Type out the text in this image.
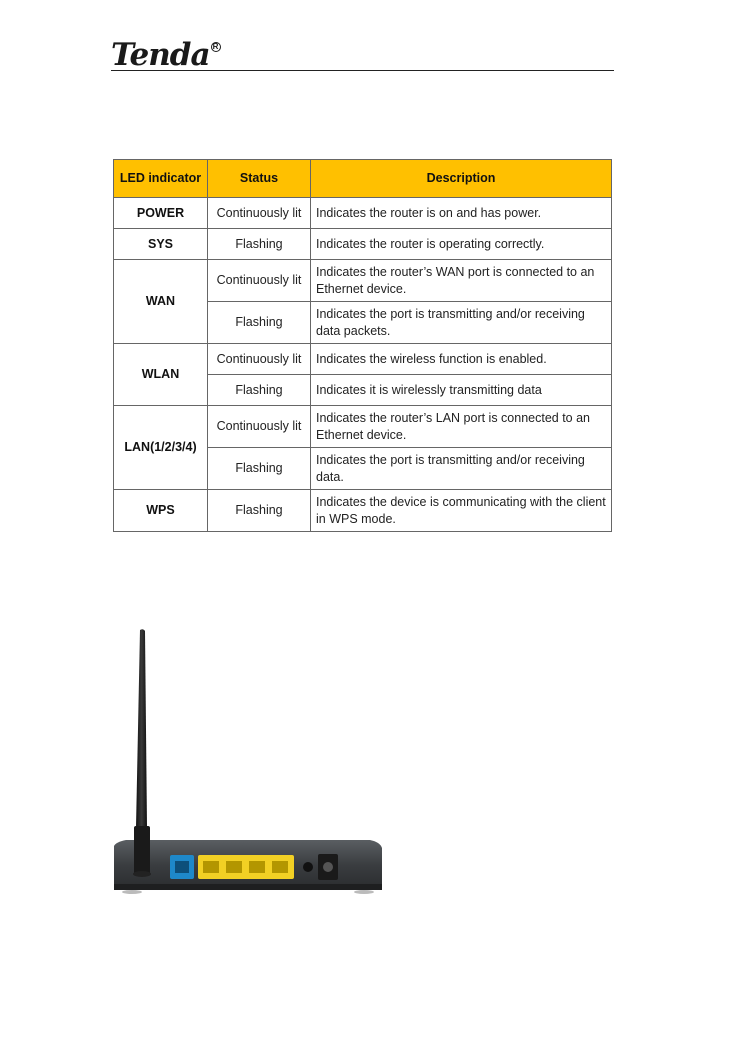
Tenda R
LED indicator	Status	Description
POWER	Continuously lit	Indicates the router is on and has power.
SYS	Flashing	Indicates the router is operating correctly.
WAN	Continuously lit	Indicates the router’s WAN port is connected to an Ethernet device.
	Flashing	Indicates the port is transmitting and/or receiving data packets.
WLAN	Continuously lit	Indicates the wireless function is enabled.
	Flashing	Indicates it is wirelessly transmitting data
LAN(1/2/3/4)	Continuously lit	Indicates the router’s LAN port is connected to an Ethernet device.
	Flashing	Indicates the port is transmitting and/or receiving data.
WPS	Flashing	Indicates the device is communicating with the client in WPS mode.
